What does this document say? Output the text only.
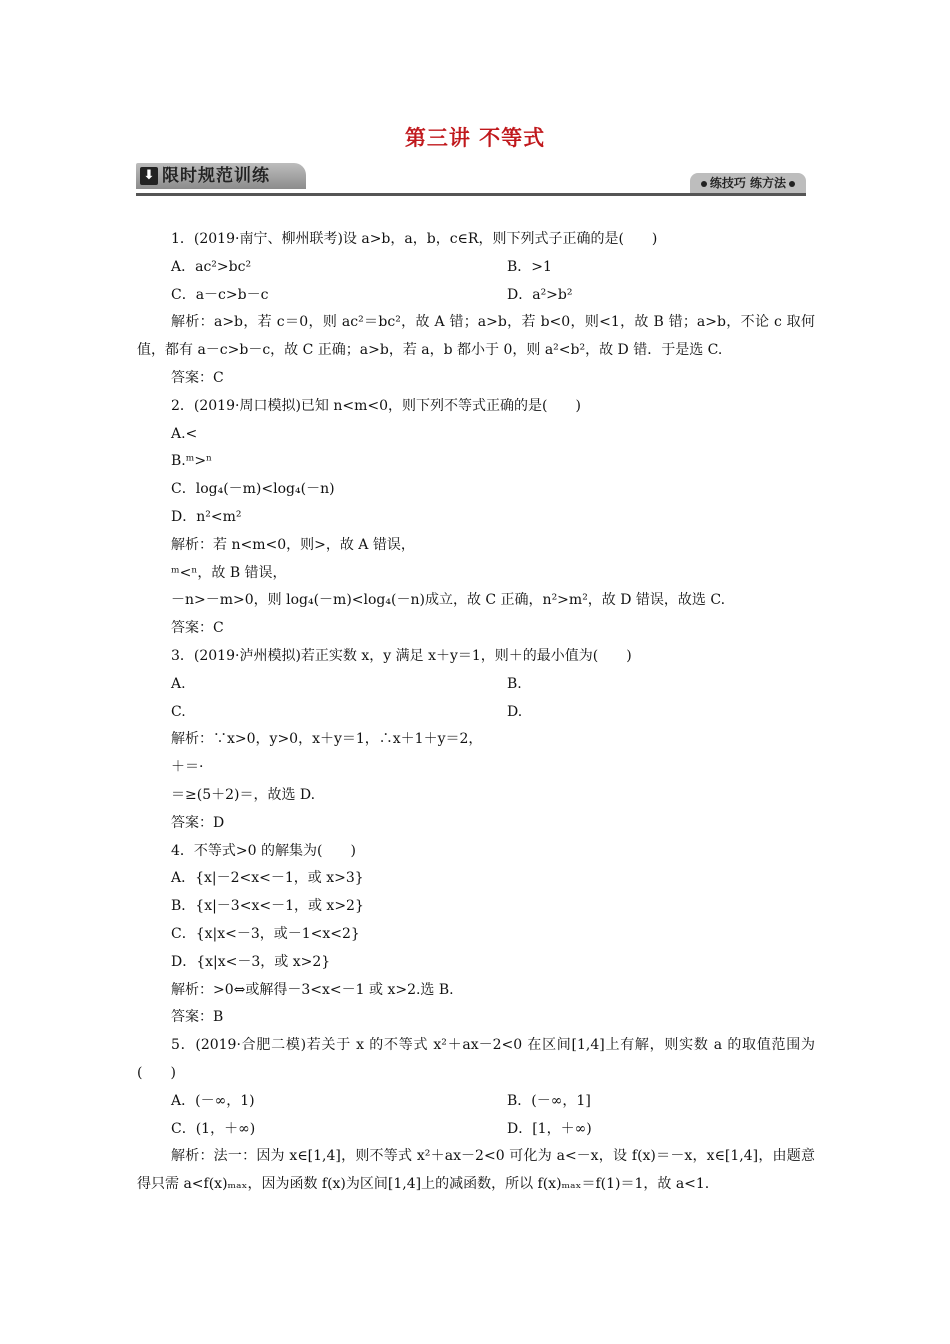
第三讲 不等式
⬇ 限时规范训练	练技巧 练方法
1．(2019·南宁、柳州联考)设 a>b，a，b，c∈R，则下列式子正确的是(　　)
A．ac²>bc²	B．>1
C．a－c>b－c	D．a²>b²
解析：a>b，若 c＝0，则 ac²＝bc²，故 A 错；a>b，若 b<0，则<1，故 B 错；a>b，不论 c 取何值，都有 a－c>b－c，故 C 正确；a>b，若 a，b 都小于 0，则 a²<b²，故 D 错．于是选 C.
答案：C
2．(2019·周口模拟)已知 n<m<0，则下列不等式正确的是(　　)
A.<
B.ᵐ>ⁿ
C．log₄(－m)<log₄(－n)
D．n²<m²
解析：若 n<m<0，则>，故 A 错误，
ᵐ<ⁿ，故 B 错误，
－n>－m>0，则 log₄(－m)<log₄(－n)成立，故 C 正确，n²>m²，故 D 错误，故选 C.
答案：C
3．(2019·泸州模拟)若正实数 x，y 满足 x＋y＝1，则＋的最小值为(　　)
A.	B.
C.	D.
解析：∵x>0，y>0，x＋y＝1，∴x＋1＋y＝2，
＋＝·
＝≥(5＋2)＝，故选 D.
答案：D
4．不等式>0 的解集为(　　)
A．{x|－2<x<－1，或 x>3}
B．{x|－3<x<－1，或 x>2}
C．{x|x<－3，或－1<x<2}
D．{x|x<－3，或 x>2}
解析：>0⇔或解得－3<x<－1 或 x>2.选 B.
答案：B
5．(2019·合肥二模)若关于 x 的不等式 x²＋ax－2<0 在区间[1,4]上有解，则实数 a 的取值范围为(　　)
A．(－∞，1)	B．(－∞，1]
C．(1，＋∞)	D．[1，＋∞)
解析：法一：因为 x∈[1,4]，则不等式 x²＋ax－2<0 可化为 a<－x，设 f(x)＝－x，x∈[1,4]，由题意得只需 a<f(x)ₘₐₓ，因为函数 f(x)为区间[1,4]上的减函数，所以 f(x)ₘₐₓ＝f(1)＝1，故 a<1.
